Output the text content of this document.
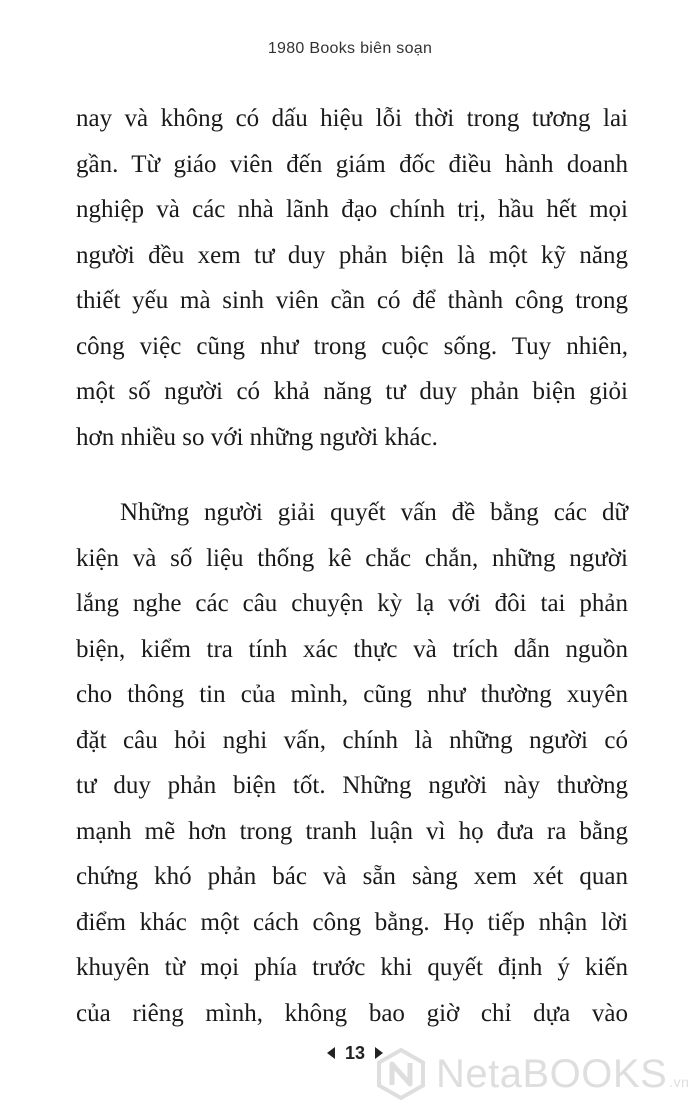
1980 Books biên soạn
nay và không có dấu hiệu lỗi thời trong tương lai
gần. Từ giáo viên đến giám đốc điều hành doanh
nghiệp và các nhà lãnh đạo chính trị, hầu hết mọi
người đều xem tư duy phản biện là một kỹ năng
thiết yếu mà sinh viên cần có để thành công trong
công việc cũng như trong cuộc sống. Tuy nhiên,
một số người có khả năng tư duy phản biện giỏi
hơn nhiều so với những người khác.
Những người giải quyết vấn đề bằng các dữ
kiện và số liệu thống kê chắc chắn, những người
lắng nghe các câu chuyện kỳ lạ với đôi tai phản
biện, kiểm tra tính xác thực và trích dẫn nguồn
cho thông tin của mình, cũng như thường xuyên
đặt câu hỏi nghi vấn, chính là những người có
tư duy phản biện tốt. Những người này thường
mạnh mẽ hơn trong tranh luận vì họ đưa ra bằng
chứng khó phản bác và sẵn sàng xem xét quan
điểm khác một cách công bằng. Họ tiếp nhận lời
khuyên từ mọi phía trước khi quyết định ý kiến
của riêng mình, không bao giờ chỉ dựa vào
13 NetaBOOKS .vn
